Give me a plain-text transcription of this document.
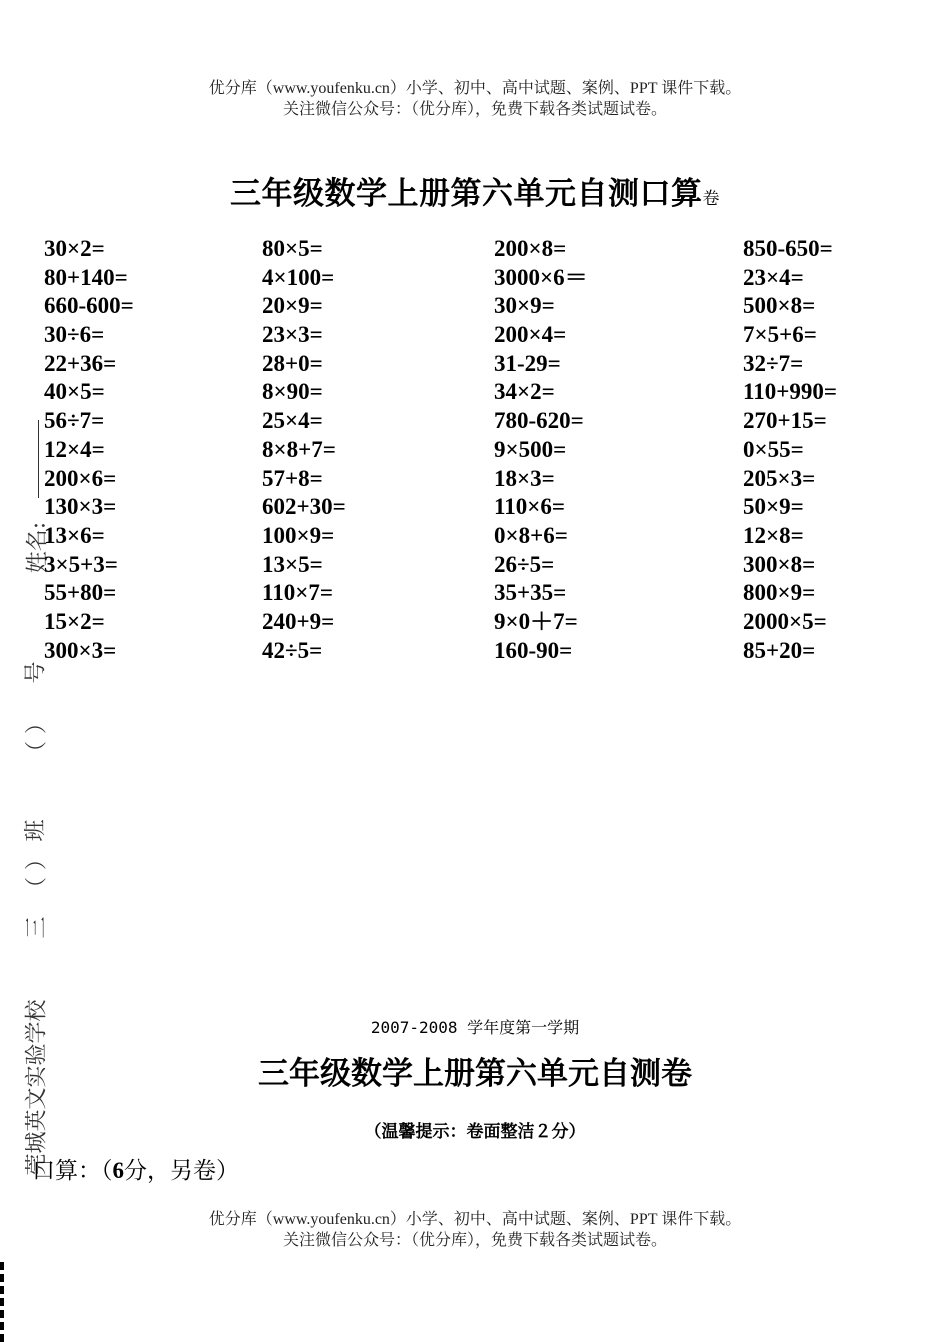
优分库（www.youfenku.cn）小学、初中、高中试题、案例、PPT 课件下载。
关注微信公众号：（优分库），免费下载各类试题试卷。
三年级数学上册第六单元自测口算卷
30×2=
80+140=
660-600=
30÷6=
22+36=
40×5=
56÷7=
12×4=
200×6=
130×3=
13×6=
3×5+3=
55+80=
15×2=
300×3=
80×5=
4×100=
20×9=
23×3=
28+0=
8×90=
25×4=
8×8+7=
57+8=
602+30=
100×9=
13×5=
110×7=
240+9=
42÷5=
200×8=
3000×6＝
30×9=
200×4=
31-29=
34×2=
780-620=
9×500=
18×3=
110×6=
0×8+6=
26÷5=
35+35=
9×0＋7=
160-90=
850-650=
23×4=
500×8=
7×5+6=
32÷7=
110+990=
270+15=
0×55=
205×3=
50×9=
12×8=
300×8=
800×9=
2000×5=
85+20=
莞城英文实验学校
三
（ ）
班
（ ）
号
姓名:
2007-2008 学年度第一学期
三年级数学上册第六单元自测卷
（温馨提示：卷面整洁２分）
口算：（6分，另卷）
优分库（www.youfenku.cn）小学、初中、高中试题、案例、PPT 课件下载。
关注微信公众号：（优分库），免费下载各类试题试卷。
